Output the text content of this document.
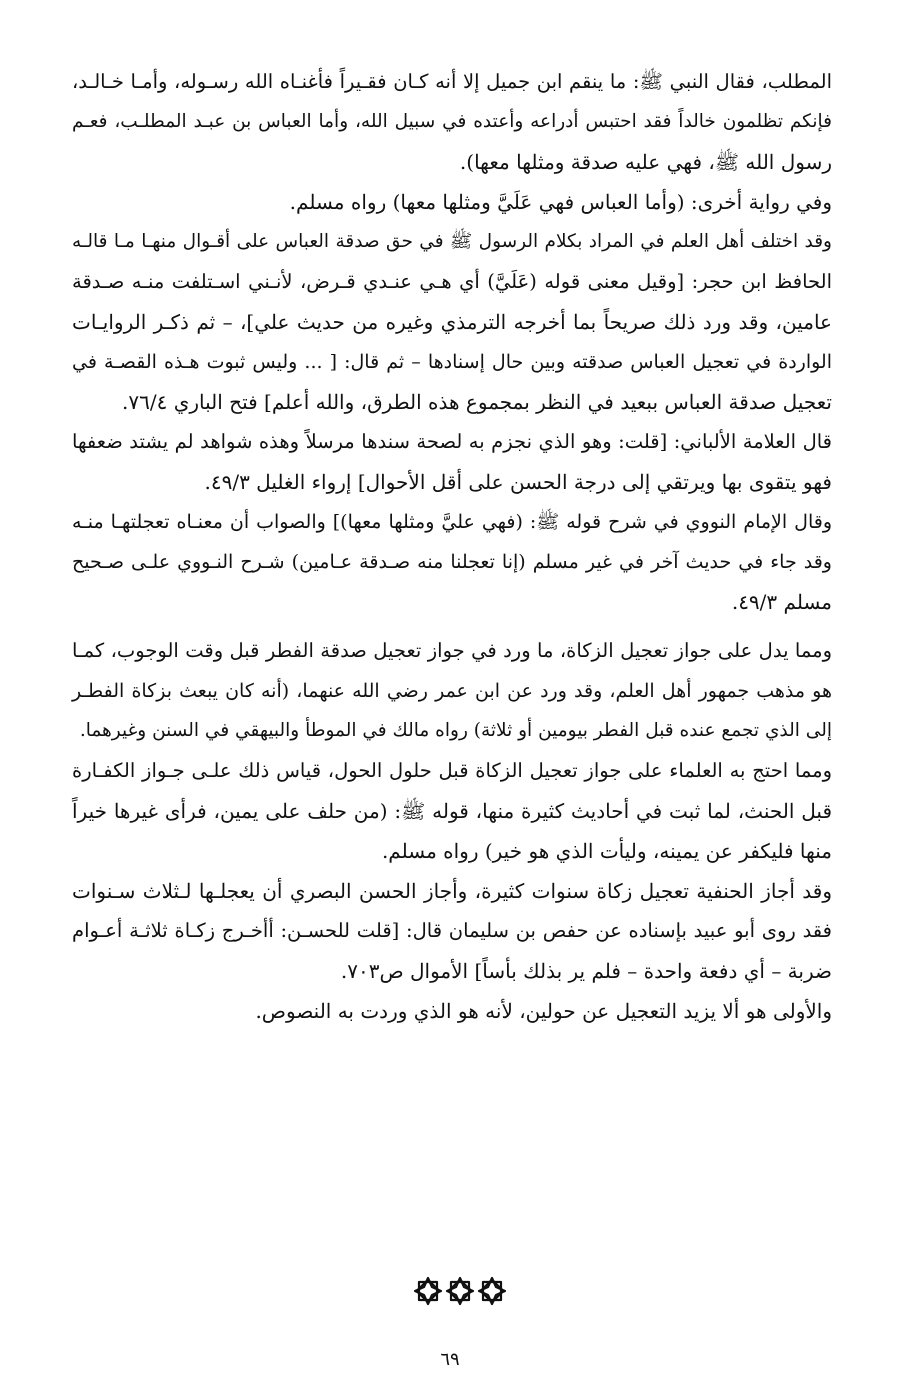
المطلب، فقال النبي ﷺ: ما ينقم ابن جميل إلا أنه كـان فقـيراً فأغنـاه الله رسـوله، وأمـا خـالـد،
فإنكم تظلمون خالداً فقد احتبس أدراعه وأعتده في سبيل الله، وأما العباس بن عبـد المطلـب، فعـم
رسول الله ﷺ، فهي عليه صدقة ومثلها معها).
وفي رواية أخرى: (وأما العباس فهي عَلَيَّ ومثلها معها) رواه مسلم.
وقد اختلف أهل العلم في المراد بكلام الرسول ﷺ في حق صدقة العباس على أقـوال منهـا مـا قالـه
الحافظ ابن حجر: [وقيل معنى قوله (عَلَيَّ) أي هـي عنـدي قـرض، لأنـني اسـتلفت منـه صـدقة
عامين، وقد ورد ذلك صريحاً بما أخرجه الترمذي وغيره من حديث علي]، – ثم ذكـر الروايـات
الواردة في تعجيل العباس صدقته وبين حال إسنادها – ثم قال: [ ... وليس ثبوت هـذه القصـة في
تعجيل صدقة العباس ببعيد في النظر بمجموع هذه الطرق، والله أعلم] فتح الباري ٧٦/٤.
قال العلامة الألباني: [قلت: وهو الذي نجزم به لصحة سندها مرسلاً وهذه شواهد لم يشتد ضعفها
فهو يتقوى بها ويرتقي إلى درجة الحسن على أقل الأحوال] إرواء الغليل ٤٩/٣.
وقال الإمام النووي في شرح قوله ﷺ: (فهي عليَّ ومثلها معها)] والصواب أن معنـاه تعجلتهـا منـه
وقد جاء في حديث آخر في غير مسلم (إنا تعجلنا منه صـدقة عـامين) شـرح النـووي علـى صـحيح
مسلم ٤٩/٣.
ومما يدل على جواز تعجيل الزكاة، ما ورد في جواز تعجيل صدقة الفطر قبل وقت الوجوب، كمـا
هو مذهب جمهور أهل العلم، وقد ورد عن ابن عمر رضي الله عنهما، (أنه كان يبعث بزكاة الفطـر
إلى الذي تجمع عنده قبل الفطر بيومين أو ثلاثة) رواه مالك في الموطأ والبيهقي في السنن وغيرهما.
ومما احتج به العلماء على جواز تعجيل الزكاة قبل حلول الحول، قياس ذلك علـى جـواز الكفـارة
قبل الحنث، لما ثبت في أحاديث كثيرة منها، قوله ﷺ: (من حلف على يمين، فرأى غيرها خيراً
منها فليكفر عن يمينه، وليأت الذي هو خير) رواه مسلم.
وقد أجاز الحنفية تعجيل زكاة سنوات كثيرة، وأجاز الحسن البصري أن يعجلـها لـثلاث سـنوات
فقد روى أبو عبيد بإسناده عن حفص بن سليمان قال: [قلت للحسـن: أأخـرج زكـاة ثلاثـة أعـوام
ضربة – أي دفعة واحدة – فلم ير بذلك بأساً] الأموال ص٧٠٣.
والأولى هو ألا يزيد التعجيل عن حولين، لأنه هو الذي وردت به النصوص.
٦٩
